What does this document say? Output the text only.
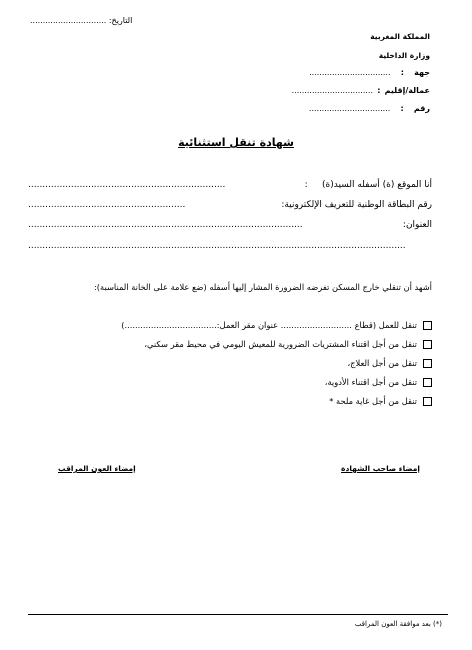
التاريخ: ..............................
المملكة المغربية
وزارة الداخلية
جهة : ................................
عمالة/إقليم : ................................
رقم : ................................
شهادة تنقل استثنائية
أنا الموقع (ة) أسفله السيد(ة) :
.....................................................................
رقم البطاقة الوطنية للتعريف الإلكترونية:
.......................................................
العنوان:
................................................................................................
....................................................................................................................................
أشهد أن تنقلي خارج المسكن تفرضه الضرورة المشار إليها أسفله (ضع علامة على الخانة المناسبة):
تنقل للعمل (قطاع ........................... عنوان مقر العمل:...................................)
تنقل من أجل اقتناء المشتريات الضرورية للمعيش اليومي في محيط مقر سكني،
تنقل من أجل العلاج،
تنقل من أجل اقتناء الأدوية،
تنقل من أجل غاية ملحة *
إمضاء صاحب الشهادة
إمضاء العون المراقب
(*) بعد موافقة العون المراقب
